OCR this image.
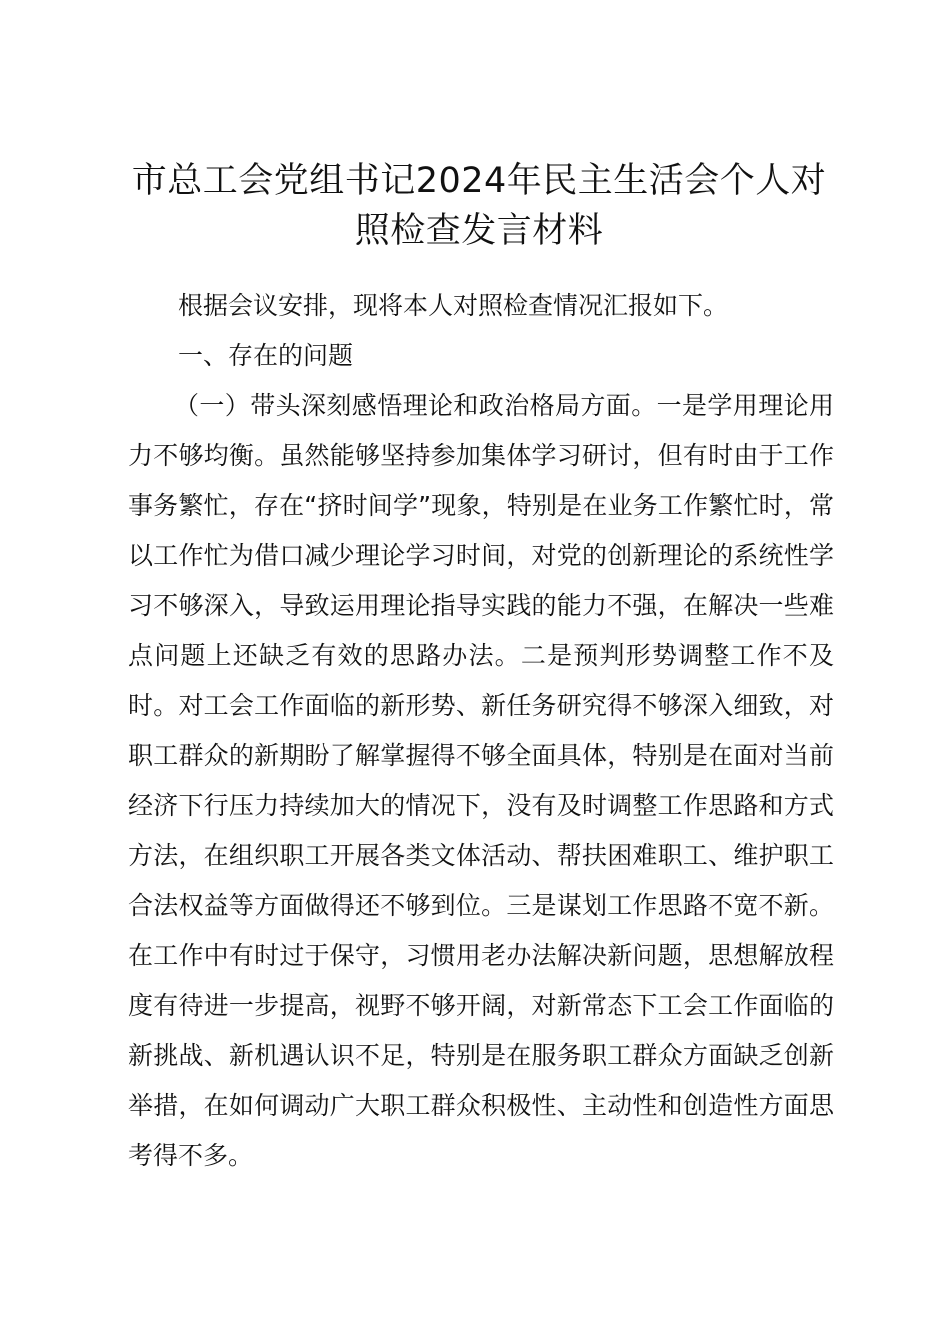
市总工会党组书记2024年民主生活会个人对照检查发言材料

根据会议安排，现将本人对照检查情况汇报如下。

一、存在的问题

（一）带头深刻感悟理论和政治格局方面。一是学用理论用力不够均衡。虽然能够坚持参加集体学习研讨，但有时由于工作事务繁忙，存在“挤时间学”现象，特别是在业务工作繁忙时，常以工作忙为借口减少理论学习时间，对党的创新理论的系统性学习不够深入，导致运用理论指导实践的能力不强，在解决一些难点问题上还缺乏有效的思路办法。二是预判形势调整工作不及时。对工会工作面临的新形势、新任务研究得不够深入细致，对职工群众的新期盼了解掌握得不够全面具体，特别是在面对当前经济下行压力持续加大的情况下，没有及时调整工作思路和方式方法，在组织职工开展各类文体活动、帮扶困难职工、维护职工合法权益等方面做得还不够到位。三是谋划工作思路不宽不新。在工作中有时过于保守，习惯用老办法解决新问题，思想解放程度有待进一步提高，视野不够开阔，对新常态下工会工作面临的新挑战、新机遇认识不足，特别是在服务职工群众方面缺乏创新举措，在如何调动广大职工群众积极性、主动性和创造性方面思考得不多。
